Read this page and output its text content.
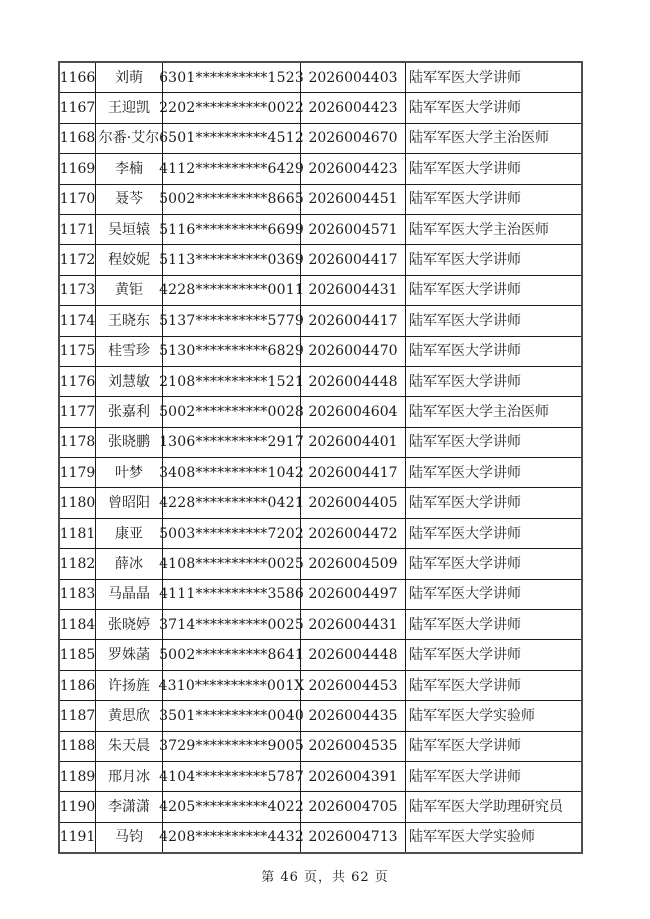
1166	刘萌	6301**********1523 2026004403 陆军军医大学讲师
1167 王迎凯 2202**********0022 2026004423 陆军军医大学讲师
1168 尔番·艾尔 6501**********4512 2026004670 陆军军医大学主治医师
1169	李楠	4112**********6429 2026004423 陆军军医大学讲师
1170	聂芩	5002**********8665 2026004451 陆军军医大学讲师
1171 吴垣辕 5116**********6699 2026004571 陆军军医大学主治医师
1172 程姣妮 5113**********0369 2026004417 陆军军医大学讲师
1173	黄钜	4228**********0011 2026004431 陆军军医大学讲师
1174 王晓东 5137**********5779 2026004417 陆军军医大学讲师
1175 桂雪珍 5130**********6829 2026004470 陆军军医大学讲师
1176 刘慧敏 2108**********1521 2026004448 陆军军医大学讲师
1177 张嘉利 5002**********0028 2026004604 陆军军医大学主治医师
1178 张晓鹏 1306**********2917 2026004401 陆军军医大学讲师
1179	叶梦	3408**********1042 2026004417 陆军军医大学讲师
1180 曾昭阳 4228**********0421 2026004405 陆军军医大学讲师
1181	康亚	5003**********7202 2026004472 陆军军医大学讲师
1182	薛冰	4108**********0025 2026004509 陆军军医大学讲师
1183 马晶晶 4111**********3586 2026004497 陆军军医大学讲师
1184 张晓婷 3714**********0025 2026004431 陆军军医大学讲师
1185 罗姝菡 5002**********8641 2026004448 陆军军医大学讲师
1186 许扬旌 4310**********001X 2026004453 陆军军医大学讲师
1187 黄思欣 3501**********0040 2026004435 陆军军医大学实验师
1188 朱天晨 3729**********9005 2026004535 陆军军医大学讲师
1189 邢月冰 4104**********5787 2026004391 陆军军医大学讲师
1190 李潇潇 4205**********4022 2026004705 陆军军医大学助理研究员
1191	马钧	4208**********4432 2026004713 陆军军医大学实验师
第 46 页，共 62 页
